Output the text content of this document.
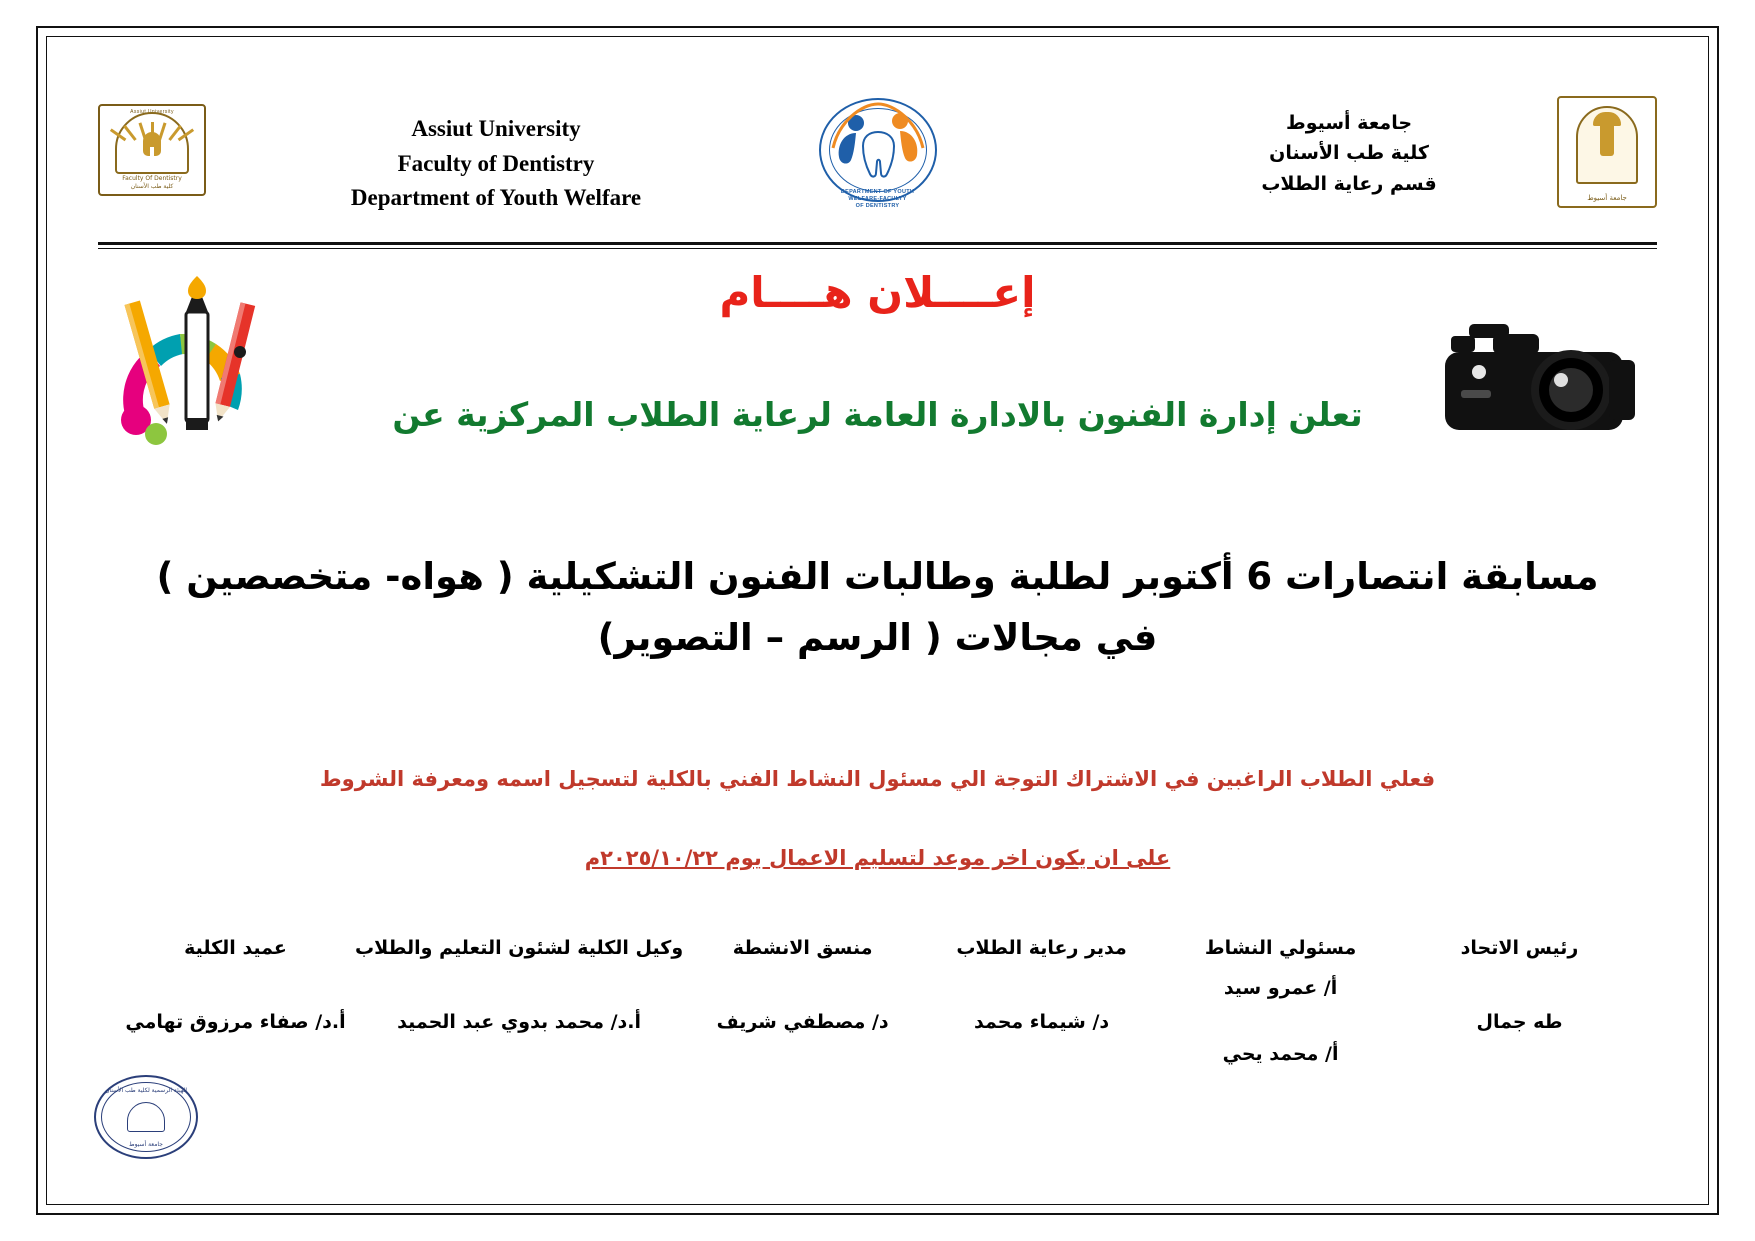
Assiut University
Faculty Of Dentistry
كلية طب الأسنان
Assiut University
Faculty of Dentistry
Department of Youth Welfare	DEPARTMENT OF YOUTH
WELFARE-FACULTY
OF DENTISTRY
جامعة أسيوط
كلية طب الأسنان
قسم رعاية الطلاب
جامعة أسيوط
إعــــلان هــــام
تعلن إدارة الفنون بالادارة العامة لرعاية الطلاب المركزية عن
مسابقة انتصارات 6 أكتوبر لطلبة وطالبات الفنون التشكيلية ( هواه- متخصصين )
في مجالات ( الرسم – التصوير)
فعلي الطلاب الراغبين في الاشتراك التوجة الي مسئول النشاط الفني بالكلية لتسجيل اسمه ومعرفة الشروط
على ان يكون اخر موعد لتسليم الاعمال يوم ٢٠٢٥/١٠/٢٢م
رئيس الاتحاد
طه جمال
مسئولي النشاط
أ/ عمرو سيد
أ/ محمد يحي
مدير رعاية الطلاب
د/ شيماء محمد
منسق الانشطة
د/ مصطفي شريف
وكيل الكلية لشئون التعليم والطلاب
أ.د/ محمد بدوي عبد الحميد
عميد الكلية
أ.د/ صفاء مرزوق تهامي
الهيئة الرسمية لكلية طب الأسنان
جامعة أسيوط
